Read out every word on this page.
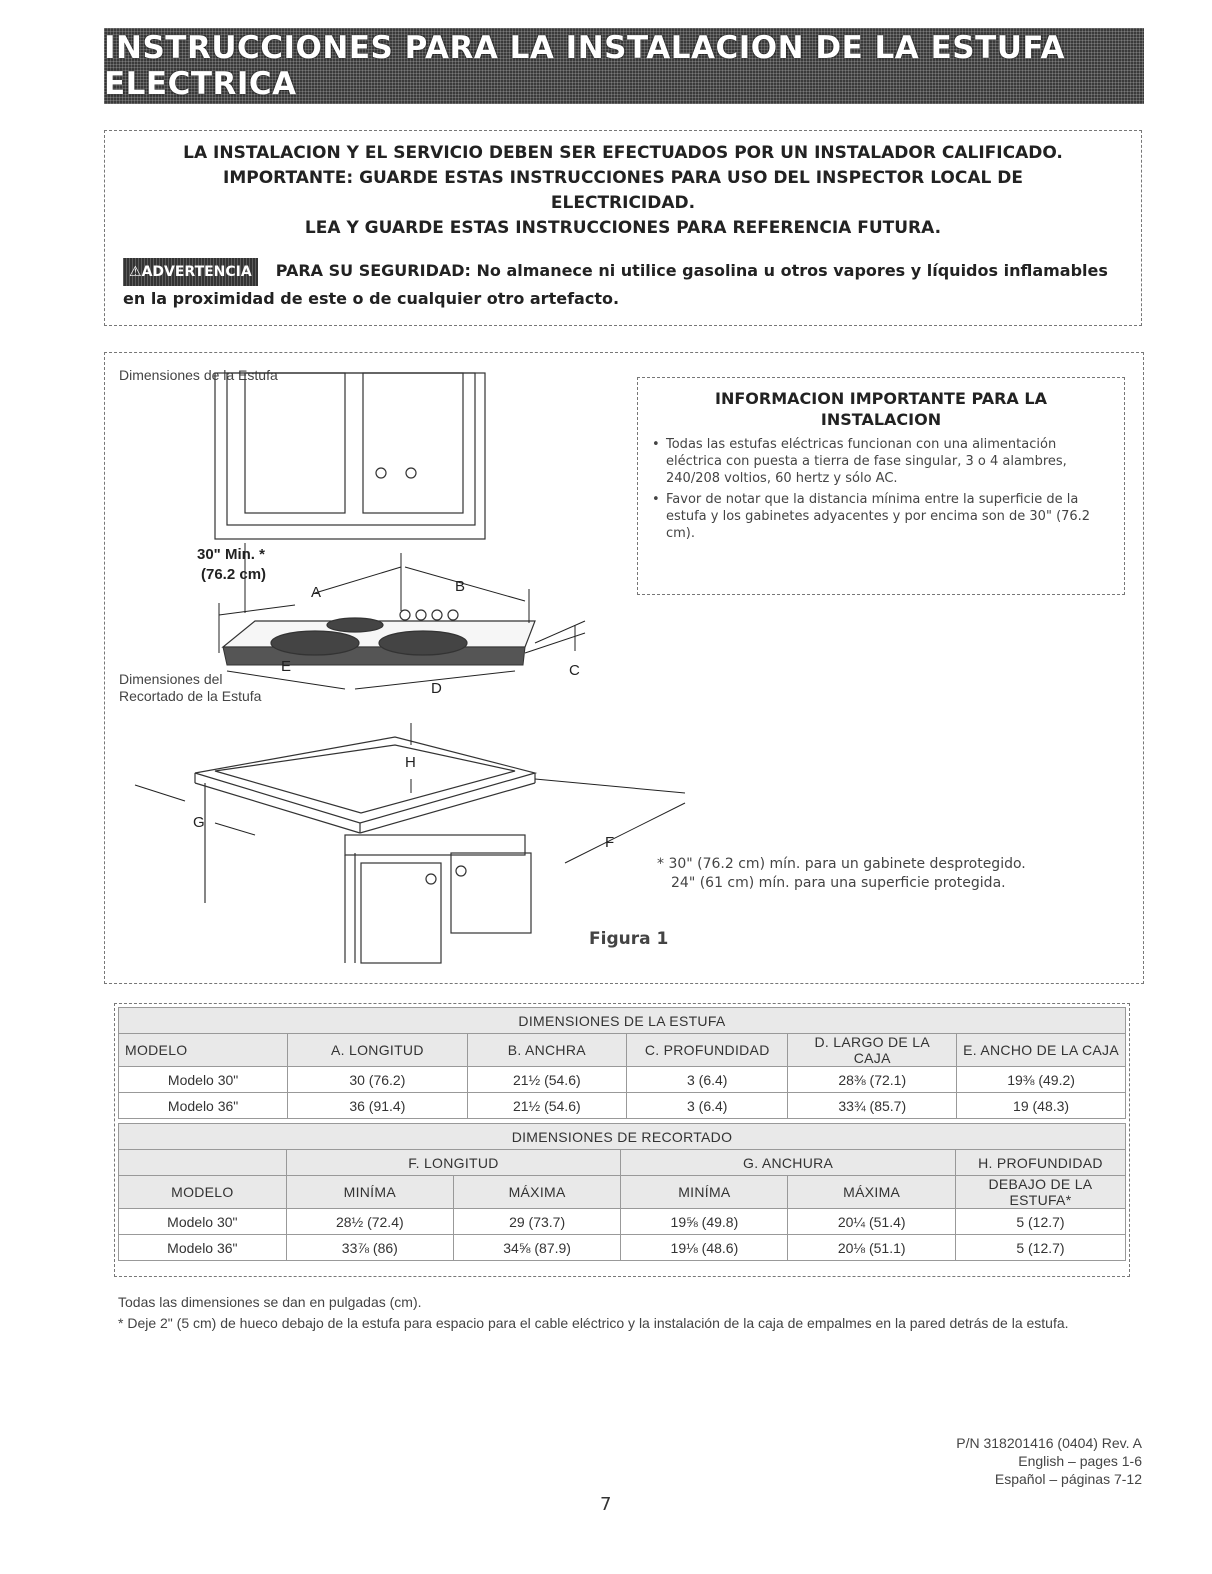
INSTRUCCIONES PARA LA INSTALACION DE LA ESTUFA ELECTRICA
LA INSTALACION Y EL SERVICIO DEBEN SER EFECTUADOS POR UN INSTALADOR CALIFICADO.
IMPORTANTE: GUARDE ESTAS INSTRUCCIONES PARA USO DEL INSPECTOR LOCAL DE
ELECTRICIDAD.
LEA Y GUARDE ESTAS INSTRUCCIONES PARA REFERENCIA FUTURA.
⚠ADVERTENCIA PARA SU SEGURIDAD: No almanece ni utilice gasolina u otros vapores y líquidos inflamables en la proximidad de este o de cualquier otro artefacto.
Dimensiones de la Estufa
Dimensiones del
Recortado de la Estufa
30" Min. *
(76.2 cm)
A	B
C
D
E
F
G
H
INFORMACION IMPORTANTE PARA LA
INSTALACION
• Todas las estufas eléctricas funcionan con una alimentación eléctrica con puesta a tierra de fase singular, 3 o 4 alambres, 240/208 voltios, 60 hertz y sólo AC.
• Favor de notar que la distancia mínima entre la superficie de la estufa y los gabinetes adyacentes y por encima son de 30" (76.2 cm).
* 30" (76.2 cm) mín. para un gabinete desprotegido.
24" (61 cm) mín. para una superficie protegida.
Figura 1
DIMENSIONES DE LA ESTUFA					
MODELO	A. LONGITUD	B. ANCHRA	C. PROFUNDIDAD	D. LARGO DE LA CAJA	E. ANCHO DE LA CAJA
Modelo 30"	30 (76.2)	21½ (54.6)	3 (6.4)	28⅜ (72.1)	19⅜ (49.2)
Modelo 36"	36 (91.4)	21½ (54.6)	3 (6.4)	33¾ (85.7)	19 (48.3)
DIMENSIONES DE RECORTADO					
	F. LONGITUD		G. ANCHURA		H. PROFUNDIDAD
MODELO	MINÍMA	MÁXIMA	MINÍMA	MÁXIMA	DEBAJO DE LA ESTUFA*
Modelo 30"	28½ (72.4)	29 (73.7)	19⅝ (49.8)	20¼ (51.4)	5 (12.7)
Modelo 36"	33⅞ (86)	34⅝ (87.9)	19⅛ (48.6)	20⅛ (51.1)	5 (12.7)
Todas las dimensiones se dan en pulgadas (cm).
* Deje 2" (5 cm) de hueco debajo de la estufa para espacio para el cable eléctrico y la instalación de la caja de empalmes en la pared detrás de la estufa.
P/N 318201416 (0404) Rev. A
English – pages 1-6
Español – páginas 7-12
7
